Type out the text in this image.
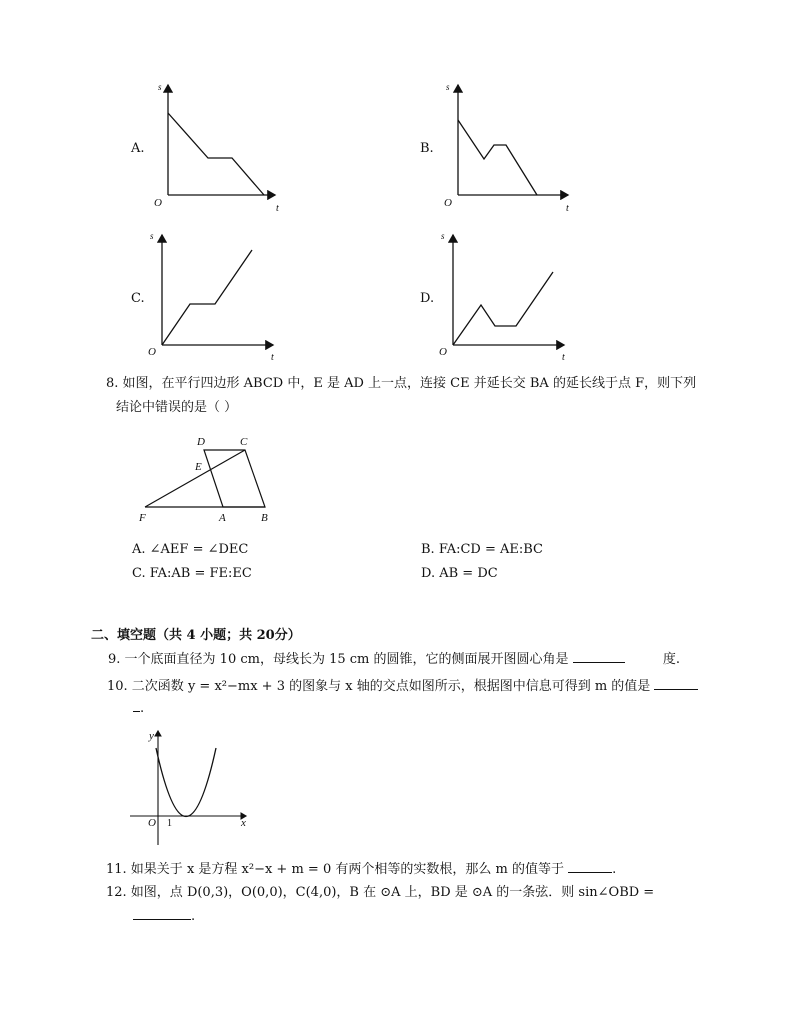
A.
s
O	t
B.
s
O	t
C.
s
O	t
D.
s
O	t
8. 如图，在平行四边形 ABCD 中，E 是 AD 上一点，连接 CE 并延长交 BA 的延长线于点 F，则下列
结论中错误的是（ ）
D	C
E
F	A	B
A. ∠AEF = ∠DEC	B. FA:CD = AE:BC
C. FA:AB = FE:EC	D. AB = DC
二、填空题（共 4 小题；共 20分）
9. 一个底面直径为 10 cm，母线长为 15 cm 的圆锥，它的侧面展开图圆心角是	度.
10. 二次函数 y = x²−mx + 3 的图象与 x 轴的交点如图所示，根据图中信息可得到 m 的值是
.
y
x
O 1
11. 如果关于 x 是方程 x²−x + m = 0 有两个相等的实数根，那么 m 的值等于	.
12. 如图，点 D(0,3)，O(0,0)，C(4,0)，B 在 ⊙A 上，BD 是 ⊙A 的一条弦．则 sin∠OBD =
.
